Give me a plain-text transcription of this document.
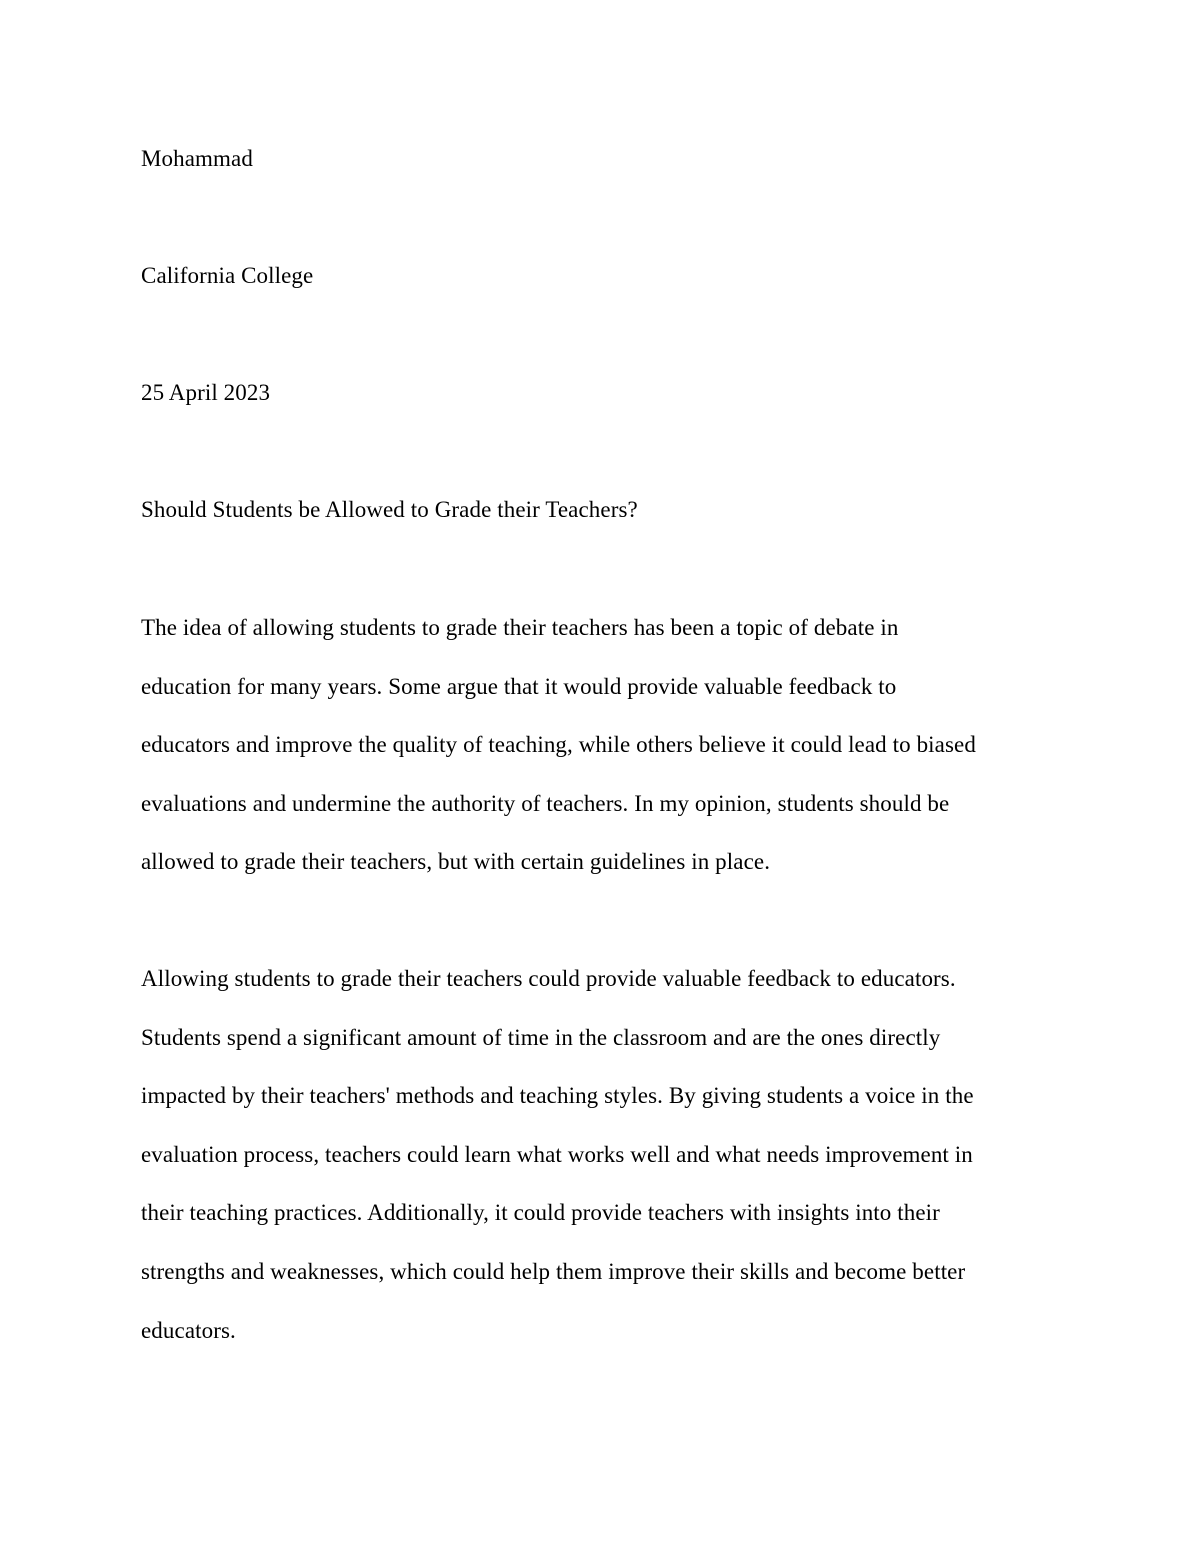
Mohammad

California College

25 April 2023

Should Students be Allowed to Grade their Teachers?

The idea of allowing students to grade their teachers has been a topic of debate in
education for many years. Some argue that it would provide valuable feedback to
educators and improve the quality of teaching, while others believe it could lead to biased
evaluations and undermine the authority of teachers. In my opinion, students should be
allowed to grade their teachers, but with certain guidelines in place.

Allowing students to grade their teachers could provide valuable feedback to educators.
Students spend a significant amount of time in the classroom and are the ones directly
impacted by their teachers' methods and teaching styles. By giving students a voice in the
evaluation process, teachers could learn what works well and what needs improvement in
their teaching practices. Additionally, it could provide teachers with insights into their
strengths and weaknesses, which could help them improve their skills and become better
educators.
